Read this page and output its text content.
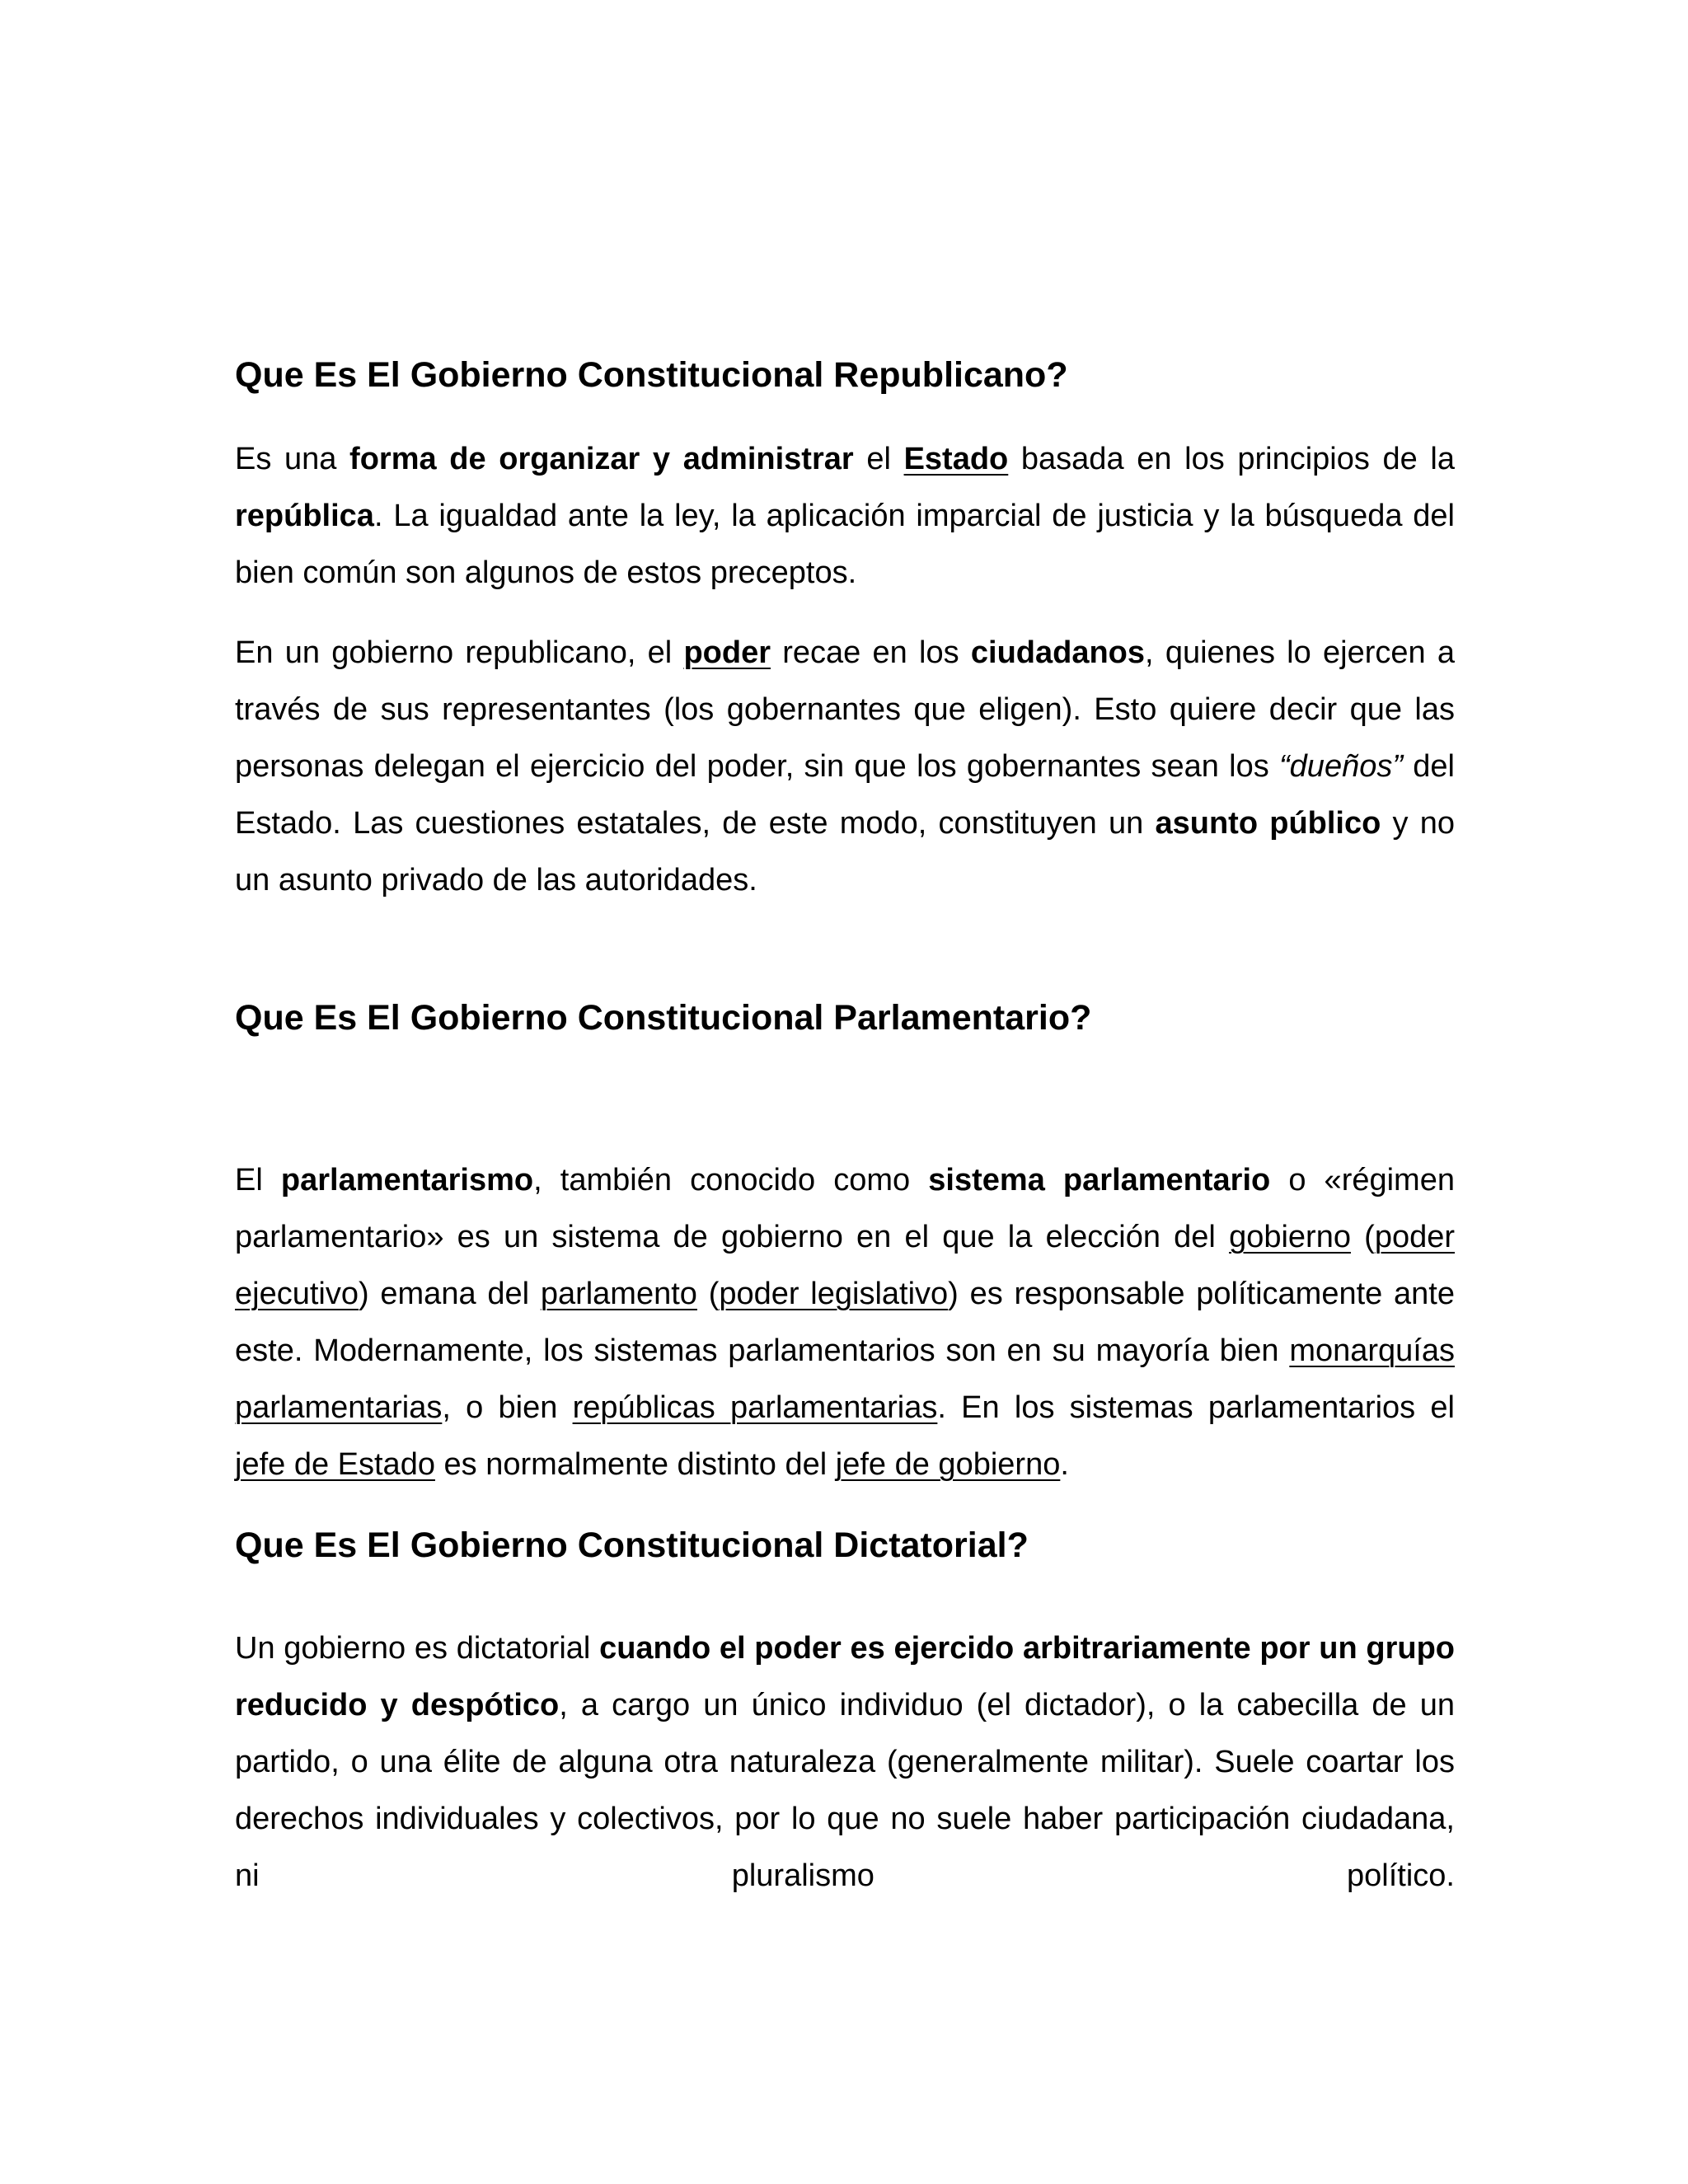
Que Es El Gobierno Constitucional Republicano?

Es una forma de organizar y administrar el Estado basada en los principios de la república. La igualdad ante la ley, la aplicación imparcial de justicia y la búsqueda del bien común son algunos de estos preceptos.

En un gobierno republicano, el poder recae en los ciudadanos, quienes lo ejercen a través de sus representantes (los gobernantes que eligen). Esto quiere decir que las personas delegan el ejercicio del poder, sin que los gobernantes sean los “dueños” del Estado. Las cuestiones estatales, de este modo, constituyen un asunto público y no un asunto privado de las autoridades.

Que Es El Gobierno Constitucional Parlamentario?

El parlamentarismo, también conocido como sistema parlamentario o «régimen parlamentario» es un sistema de gobierno en el que la elección del gobierno (poder ejecutivo) emana del parlamento (poder legislativo) es responsable políticamente ante este. Modernamente, los sistemas parlamentarios son en su mayoría bien monarquías parlamentarias, o bien repúblicas parlamentarias. En los sistemas parlamentarios el jefe de Estado es normalmente distinto del jefe de gobierno.

Que Es El Gobierno Constitucional Dictatorial?

Un gobierno es dictatorial cuando el poder es ejercido arbitrariamente por un grupo reducido y despótico, a cargo un único individuo (el dictador), o la cabecilla de un partido, o una élite de alguna otra naturaleza (generalmente militar). Suele coartar los derechos individuales y colectivos, por lo que no suele haber participación ciudadana, ni pluralismo político.
